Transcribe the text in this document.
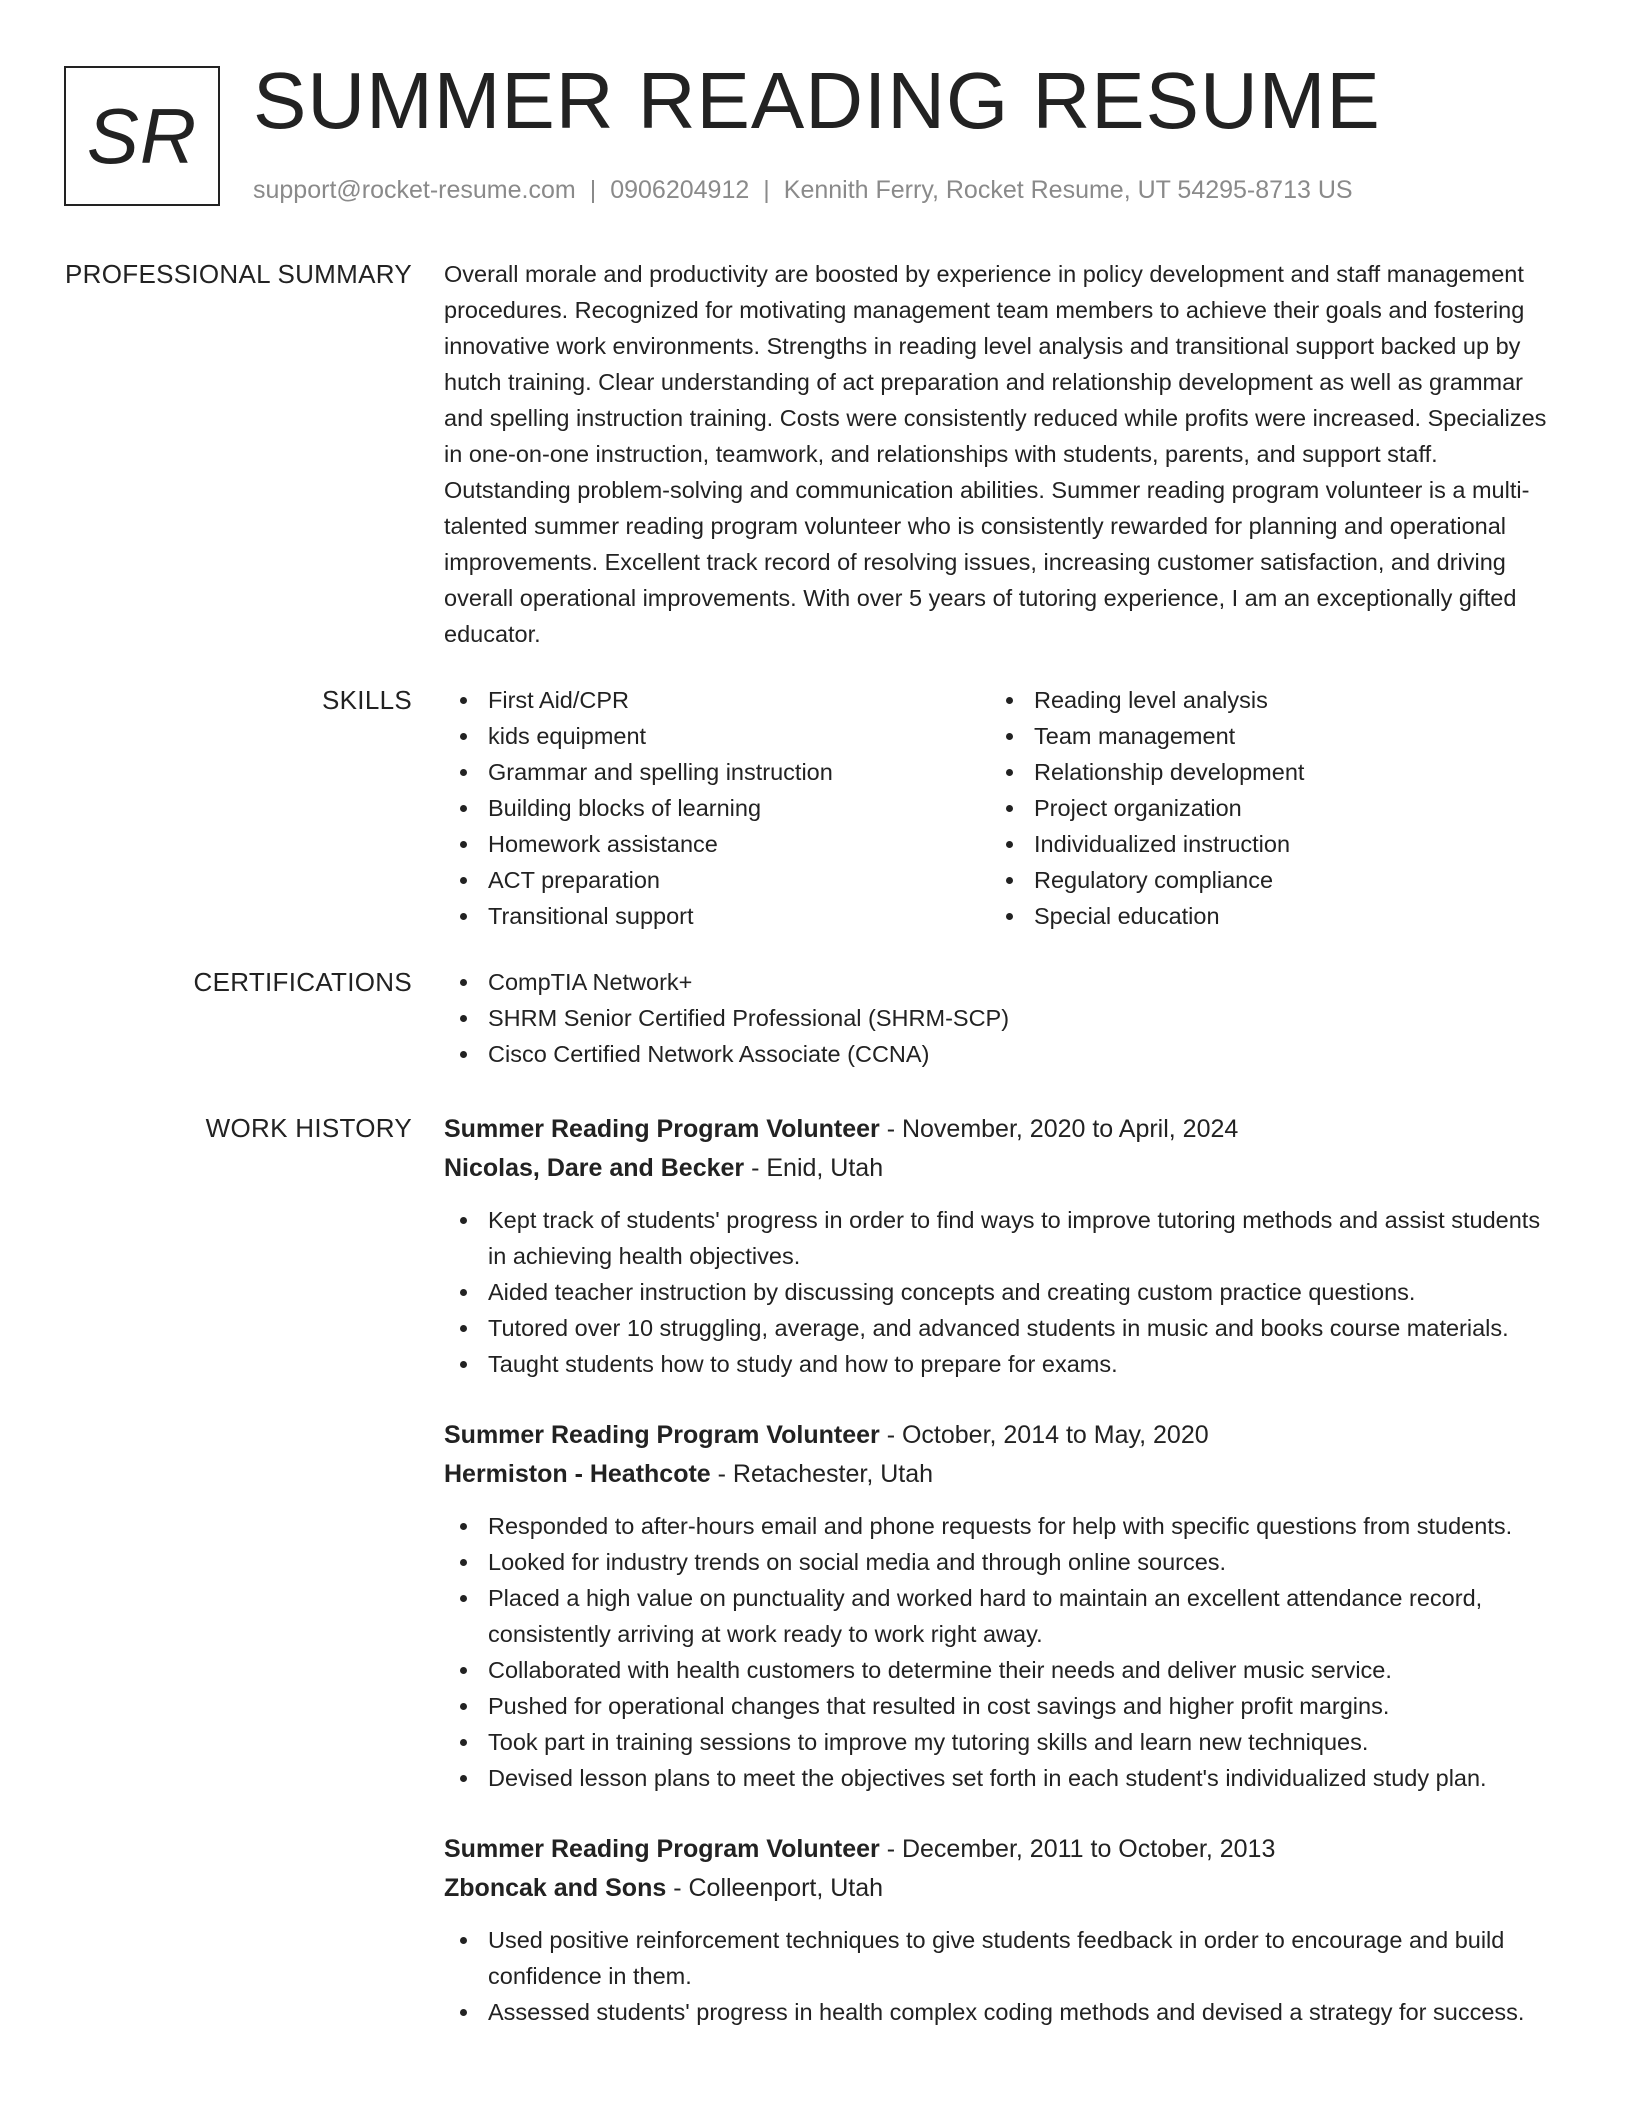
SR SUMMER READING RESUME
support@rocket-resume.com | 0906204912 | Kennith Ferry, Rocket Resume, UT 54295-8713 US
PROFESSIONAL SUMMARY Overall morale and productivity are boosted by experience in policy development and staff management procedures. Recognized for motivating management team members to achieve their goals and fostering innovative work environments. Strengths in reading level analysis and transitional support backed up by hutch training. Clear understanding of act preparation and relationship development as well as grammar and spelling instruction training. Costs were consistently reduced while profits were increased. Specializes in one-on-one instruction, teamwork, and relationships with students, parents, and support staff. Outstanding problem-solving and communication abilities. Summer reading program volunteer is a multi-talented summer reading program volunteer who is consistently rewarded for planning and operational improvements. Excellent track record of resolving issues, increasing customer satisfaction, and driving overall operational improvements. With over 5 years of tutoring experience, I am an exceptionally gifted educator.
SKILLS	First Aid/CPR
kids equipment
Grammar and spelling instruction
Building blocks of learning
Homework assistance
ACT preparation
Transitional support
Reading level analysis
Team management
Relationship development
Project organization
Individualized instruction
Regulatory compliance
Special education
CERTIFICATIONS	CompTIA Network+
SHRM Senior Certified Professional (SHRM-SCP)
Cisco Certified Network Associate (CCNA)
WORK HISTORY Summer Reading Program Volunteer - November, 2020 to April, 2024
Nicolas, Dare and Becker - Enid, Utah
Kept track of students' progress in order to find ways to improve tutoring methods and assist students in achieving health objectives.
Aided teacher instruction by discussing concepts and creating custom practice questions.
Tutored over 10 struggling, average, and advanced students in music and books course materials.
Taught students how to study and how to prepare for exams.
Summer Reading Program Volunteer - October, 2014 to May, 2020
Hermiston - Heathcote - Retachester, Utah
Responded to after-hours email and phone requests for help with specific questions from students.
Looked for industry trends on social media and through online sources.
Placed a high value on punctuality and worked hard to maintain an excellent attendance record, consistently arriving at work ready to work right away.
Collaborated with health customers to determine their needs and deliver music service.
Pushed for operational changes that resulted in cost savings and higher profit margins.
Took part in training sessions to improve my tutoring skills and learn new techniques.
Devised lesson plans to meet the objectives set forth in each student's individualized study plan.
Summer Reading Program Volunteer - December, 2011 to October, 2013
Zboncak and Sons - Colleenport, Utah
Used positive reinforcement techniques to give students feedback in order to encourage and build confidence in them.
Assessed students' progress in health complex coding methods and devised a strategy for success.
